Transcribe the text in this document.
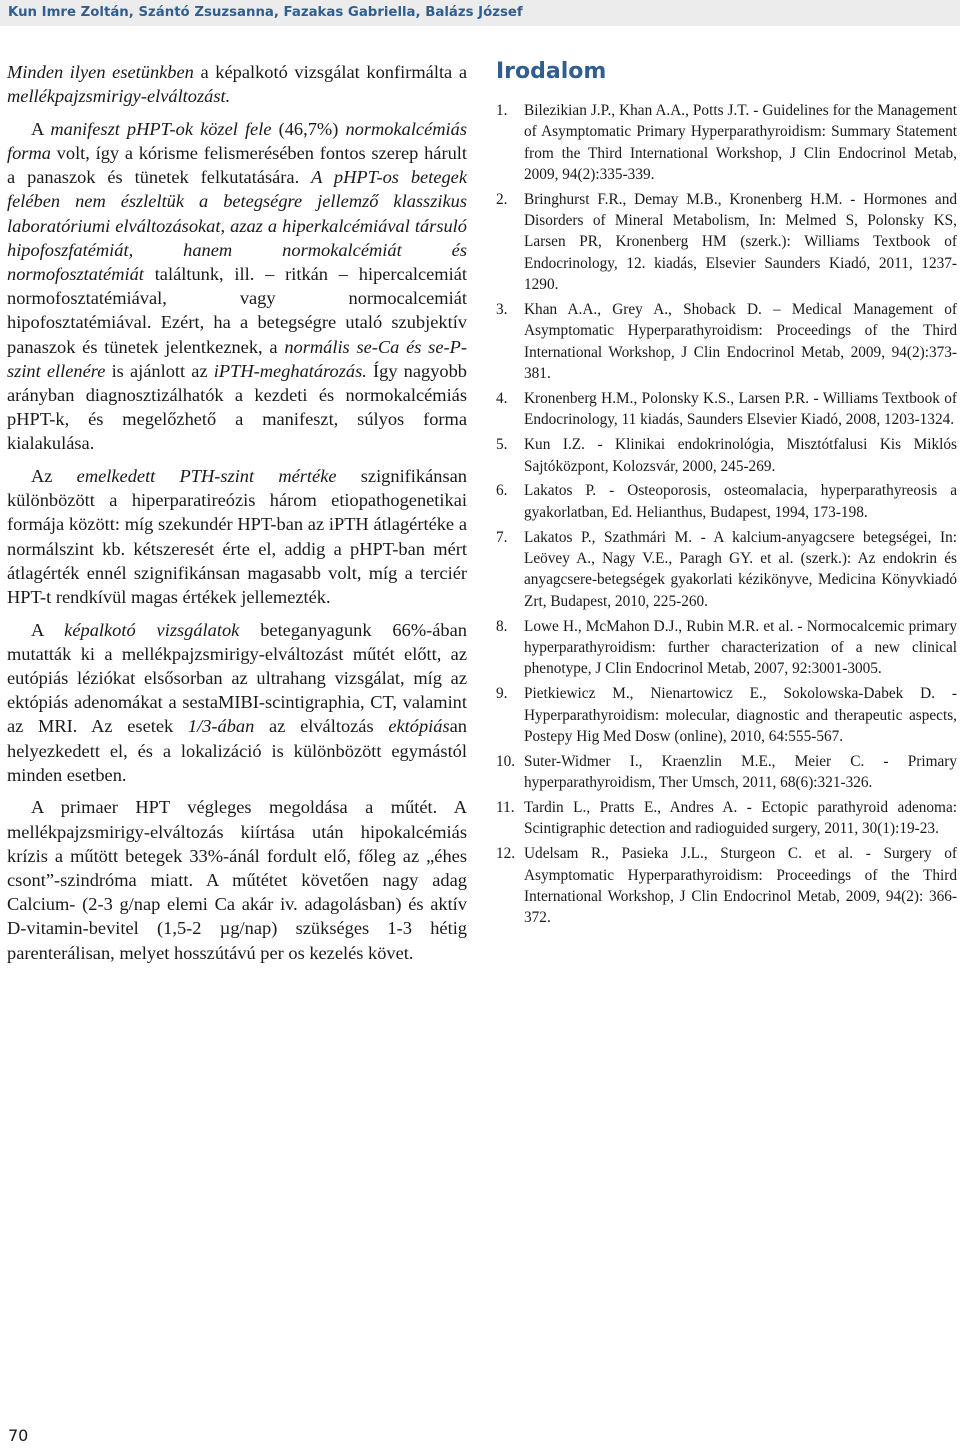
Kun Imre Zoltán, Szántó Zsuzsanna, Fazakas Gabriella, Balázs József

Minden ilyen esetünkben a képalkotó vizsgálat konfirmálta a mellékpajzsmirigy-elváltozást.

A manifeszt pHPT-ok közel fele (46,7%) normokalcémiás forma volt, így a kórisme felismerésében fontos szerep hárult a panaszok és tünetek felkutatására. A pHPT-os betegek felében nem észleltük a betegségre jellemző klasszikus laboratóriumi elváltozásokat, azaz a hiperkalcémiával társuló hipofoszfatémiát, hanem normokalcémiát és normofosztatémiát találtunk, ill. – ritkán – hipercalcemiát normofosztatémiával, vagy normocalcemiát hipofosztatémiával. Ezért, ha a betegségre utaló szubjektív panaszok és tünetek jelentkeznek, a normális se-Ca és se-P-szint ellenére is ajánlott az iPTH-meghatározás. Így nagyobb arányban diagnosztizálhatók a kezdeti és normokalcémiás pHPT-k, és megelőzhető a manifeszt, súlyos forma kialakulása.

Az emelkedett PTH-szint mértéke szignifikánsan különbözött a hiperparatireózis három etiopathogenetikai formája között: míg szekundér HPT-ban az iPTH átlagértéke a normálszint kb. kétszeresét érte el, addig a pHPT-ban mért átlagérték ennél szignifikánsan magasabb volt, míg a terciér HPT-t rendkívül magas értékek jellemezték.

A képalkotó vizsgálatok beteganyagunk 66%-ában mutatták ki a mellékpajzsmirigy-elváltozást műtét előtt, az eutópiás léziókat elsősorban az ultrahang vizsgálat, míg az ektópiás adenomákat a sestaMIBI-scintigraphia, CT, valamint az MRI. Az esetek 1/3-ában az elváltozás ektópiásan helyezkedett el, és a lokalizáció is különbözött egymástól minden esetben.

A primaer HPT végleges megoldása a műtét. A mellékpajzsmirigy-elváltozás kiírtása után hipokalcémiás krízis a műtött betegek 33%-ánál fordult elő, főleg az „éhes csont”-szindróma miatt. A műtétet követően nagy adag Calcium- (2-3 g/nap elemi Ca akár iv. adagolásban) és aktív D-vitamin-bevitel (1,5-2 µg/nap) szükséges 1-3 hétig parenterálisan, melyet hosszútávú per os kezelés követ.

Irodalom
1.	Bilezikian J.P., Khan A.A., Potts J.T. - Guidelines for the Management of Asymptomatic Primary Hyperparathyroidism: Summary Statement from the Third International Workshop, J Clin Endocrinol Metab, 2009, 94(2):335-339.
2.	Bringhurst F.R., Demay M.B., Kronenberg H.M. - Hormones and Disorders of Mineral Metabolism, In: Melmed S, Polonsky KS, Larsen PR, Kronenberg HM (szerk.): Williams Textbook of Endocrinology, 12. kiadás, Elsevier Saunders Kiadó, 2011, 1237-1290.
3.	Khan A.A., Grey A., Shoback D. – Medical Management of Asymptomatic Hyperparathyroidism: Proceedings of the Third International Workshop, J Clin Endocrinol Metab, 2009, 94(2):373-381.
4.	Kronenberg H.M., Polonsky K.S., Larsen P.R. - Williams Textbook of Endocrinology, 11 kiadás, Saunders Elsevier Kiadó, 2008, 1203-1324.
5.	Kun I.Z. - Klinikai endokrinológia, Misztótfalusi Kis Miklós Sajtóközpont, Kolozsvár, 2000, 245-269.
6.	Lakatos P. - Osteoporosis, osteomalacia, hyperparathyreosis a gyakorlatban, Ed. Helianthus, Budapest, 1994, 173-198.
7.	Lakatos P., Szathmári M. - A kalcium-anyagcsere betegségei, In: Leövey A., Nagy V.E., Paragh GY. et al. (szerk.): Az endokrin és anyagcsere-betegségek gyakorlati kézikönyve, Medicina Könyvkiadó Zrt, Budapest, 2010, 225-260.
8.	Lowe H., McMahon D.J., Rubin M.R. et al. - Normocalcemic primary hyperparathyroidism: further characterization of a new clinical phenotype, J Clin Endocrinol Metab, 2007, 92:3001-3005.
9.	Pietkiewicz M., Nienartowicz E., Sokolowska-Dabek D. - Hyperparathyroidism: molecular, diagnostic and therapeutic aspects, Postepy Hig Med Dosw (online), 2010, 64:555-567.
10. Suter-Widmer I., Kraenzlin M.E., Meier C. - Primary hyperparathyroidism, Ther Umsch, 2011, 68(6):321-326.
11. Tardin L., Pratts E., Andres A. - Ectopic parathyroid adenoma: Scintigraphic detection and radioguided surgery, 2011, 30(1):19-23.
12. Udelsam R., Pasieka J.L., Sturgeon C. et al. - Surgery of Asymptomatic Hyperparathyroidism: Proceedings of the Third International Workshop, J Clin Endocrinol Metab, 2009, 94(2): 366-372.
70
